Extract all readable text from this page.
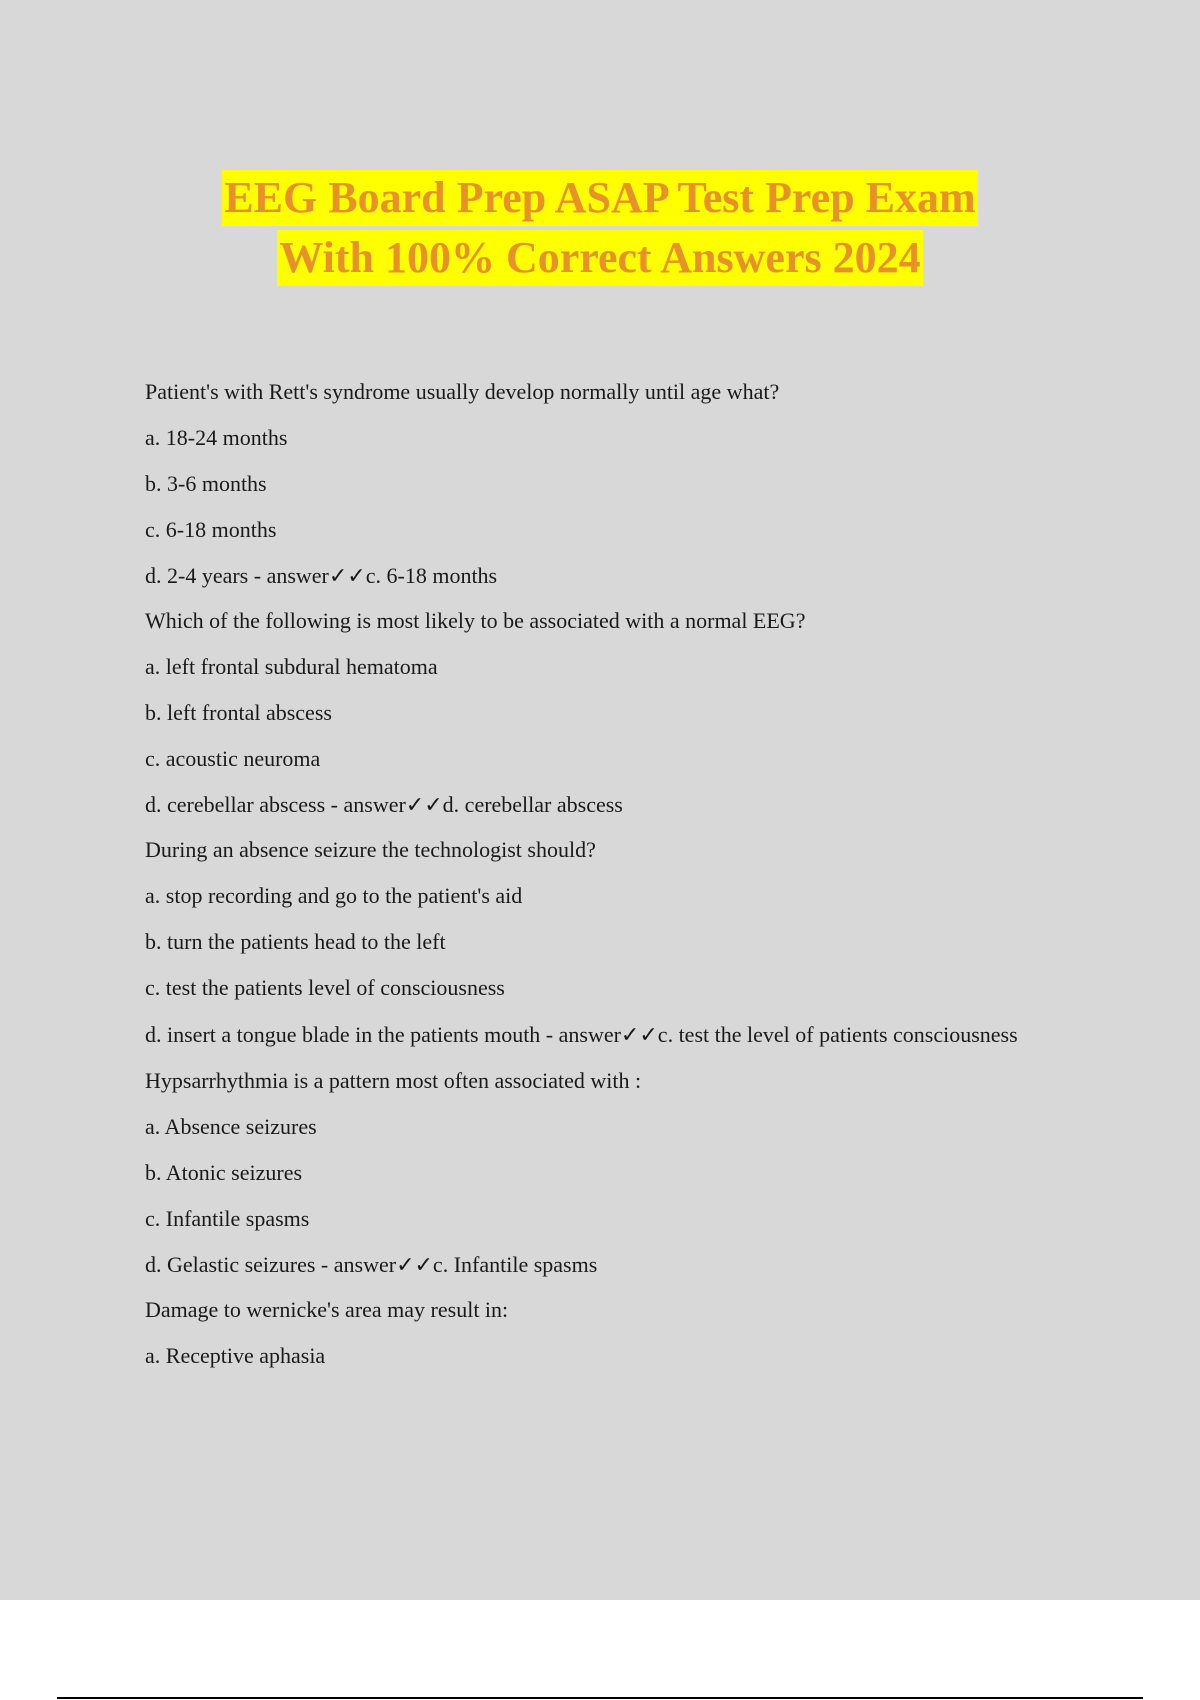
EEG Board Prep ASAP Test Prep Exam
With 100% Correct Answers 2024
Patient's with Rett's syndrome usually develop normally until age what?
a. 18-24 months
b. 3-6 months
c. 6-18 months
d. 2-4 years - answer✓✓c. 6-18 months
Which of the following is most likely to be associated with a normal EEG?
a. left frontal subdural hematoma
b. left frontal abscess
c. acoustic neuroma
d. cerebellar abscess - answer✓✓d. cerebellar abscess
During an absence seizure the technologist should?
a. stop recording and go to the patient's aid
b. turn the patients head to the left
c. test the patients level of consciousness
d. insert a tongue blade in the patients mouth - answer✓✓c. test the level of patients consciousness
Hypsarrhythmia is a pattern most often associated with :
a. Absence seizures
b. Atonic seizures
c. Infantile spasms
d. Gelastic seizures - answer✓✓c. Infantile spasms
Damage to wernicke's area may result in:
a. Receptive aphasia
